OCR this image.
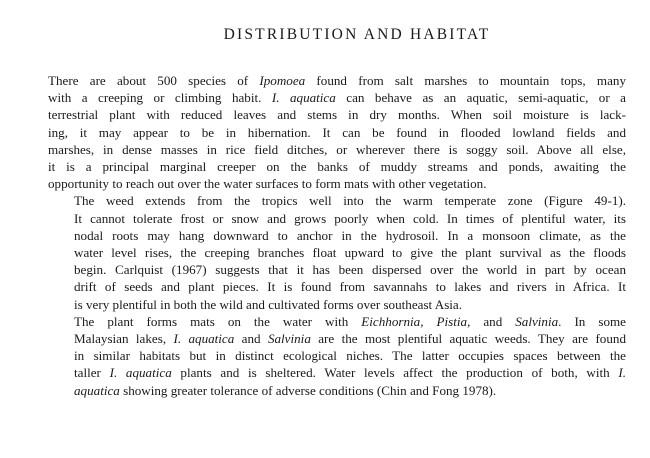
DISTRIBUTION AND HABITAT

There are about 500 species of Ipomoea found from salt marshes to mountain tops, many
with a creeping or climbing habit. I. aquatica can behave as an aquatic, semi-aquatic, or a
terrestrial plant with reduced leaves and stems in dry months. When soil moisture is lack-
ing, it may appear to be in hibernation. It can be found in flooded lowland fields and
marshes, in dense masses in rice field ditches, or wherever there is soggy soil. Above all else,
it is a principal marginal creeper on the banks of muddy streams and ponds, awaiting the
opportunity to reach out over the water surfaces to form mats with other vegetation.

The weed extends from the tropics well into the warm temperate zone (Figure 49-1).
It cannot tolerate frost or snow and grows poorly when cold. In times of plentiful water, its
nodal roots may hang downward to anchor in the hydrosoil. In a monsoon climate, as the
water level rises, the creeping branches float upward to give the plant survival as the floods
begin. Carlquist (1967) suggests that it has been dispersed over the world in part by ocean
drift of seeds and plant pieces. It is found from savannahs to lakes and rivers in Africa. It
is very plentiful in both the wild and cultivated forms over southeast Asia.

The plant forms mats on the water with Eichhornia, Pistia, and Salvinia. In some
Malaysian lakes, I. aquatica and Salvinia are the most plentiful aquatic weeds. They are found
in similar habitats but in distinct ecological niches. The latter occupies spaces between the
taller I. aquatica plants and is sheltered. Water levels affect the production of both, with I.
aquatica showing greater tolerance of adverse conditions (Chin and Fong 1978).
